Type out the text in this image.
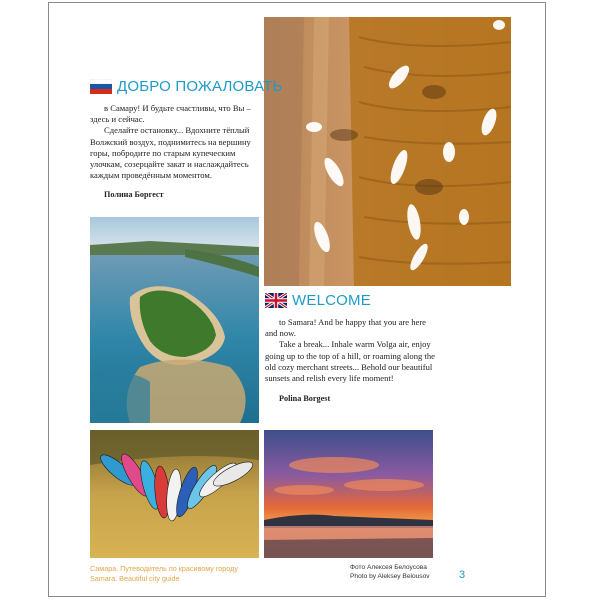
ДОБРО ПОЖАЛОВАТЬ

в Самару! И будьте счастливы, что Вы – здесь и сейчас.

Сделайте остановку... Вдохните тёплый Волжский воздух, поднимитесь на вершину горы, побродите по старым купеческим улочкам, созерцайте закат и наслаждайтесь каждым проведённым моментом.

Полина Боргест
WELCOME

to Samara! And be happy that you are here and now.

Take a break... Inhale warm Volga air, enjoy going up to the top of a hill, or roaming along the old cozy merchant streets... Behold our beautiful sunsets and relish every life moment!

Polina Borgest
Самара. Путеводитель по красивому городу
Samara. Beautiful city guide
Фото Алексея Белоусова
Photo by Aleksey Belousov	3
